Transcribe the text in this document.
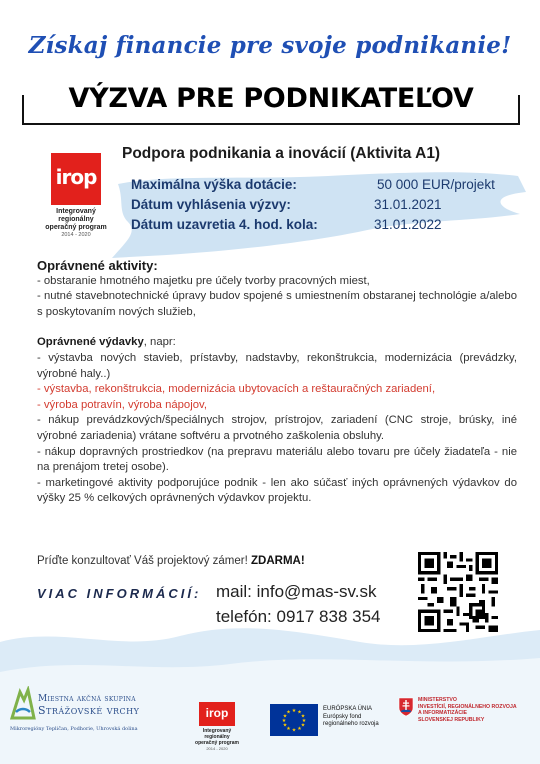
Získaj financie pre svoje podnikanie!
VÝZVA PRE PODNIKATEĽOV
irop
Integrovaný regionálny
operačný program
2014 - 2020
Podpora podnikania a inovácií (Aktivita A1)
Maximálna výška dotácie:	50 000 EUR/projekt
Dátum vyhlásenia výzvy:	31.01.2021
Dátum uzavretia 4. hod. kola:	31.01.2022
Oprávnené aktivity:

- obstaranie hmotného majetku pre účely tvorby pracovných miest,

- nutné stavebnotechnické úpravy budov spojené s umiestnením obstaranej technológie a/alebo s poskytovaním nových služieb,

Oprávnené výdavky, napr:

- výstavba nových stavieb, prístavby, nadstavby, rekonštrukcia, modernizácia (prevádzky, výrobné haly..)

- výstavba, rekonštrukcia, modernizácia ubytovacích a reštauračných zariadení,

- výroba potravín, výroba nápojov,

- nákup prevádzkových/špeciálnych strojov, prístrojov, zariadení (CNC stroje, brúsky, iné výrobné zariadenia) vrátane softvéru a prvotného zaškolenia obsluhy.

- nákup dopravných prostriedkov (na prepravu materiálu alebo tovaru pre účely žiadateľa - nie na prenájom tretej osobe).

- marketingové aktivity podporujúce podnik - len ako súčasť iných oprávnených výdavkov do výšky 25 % celkových oprávnených výdavkov projektu.

Príďte konzultovať Váš projektový zámer! ZDARMA!
VIAC INFORMÁCIÍ: mail: info@mas-sv.sk
telefón: 0917 838 354
Miestna akčná skupina
Strážovské vrchy
Mikroregióny Tepličan, Podhorie, Uhrovská dolina
irop
Integrovaný regionálny
operačný program
2014 - 2020
★ ★
★
★
★
★
★
★
★
★
★
★
EURÓPSKA ÚNIA
Európsky fond
regionálneho rozvoja
MINISTERSTVO
INVESTÍCIÍ, REGIONÁLNEHO ROZVOJA
A INFORMATIZÁCIE
SLOVENSKEJ REPUBLIKY
